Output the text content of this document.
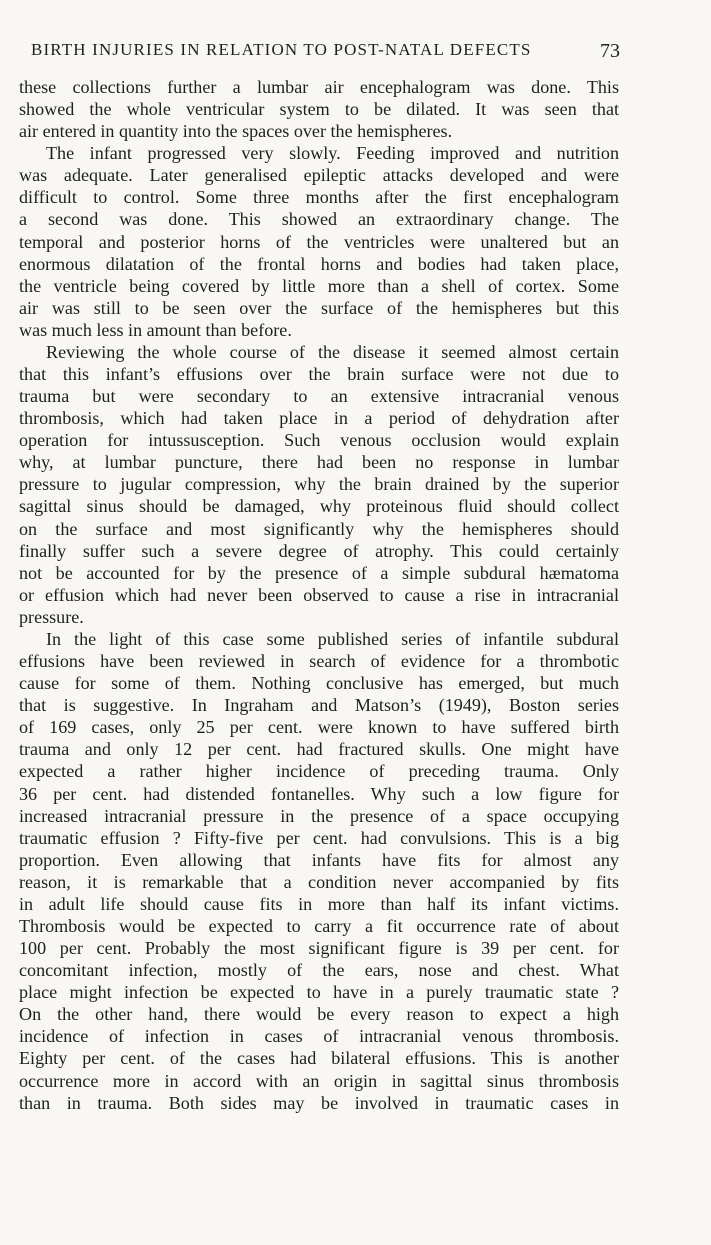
BIRTH INJURIES IN RELATION TO POST-NATAL DEFECTS	73
these collections further a lumbar air encephalogram was done. This
showed the whole ventricular system to be dilated. It was seen that
air entered in quantity into the spaces over the hemispheres.
The infant progressed very slowly. Feeding improved and nutrition
was adequate. Later generalised epileptic attacks developed and were
difficult to control. Some three months after the first encephalogram
a second was done. This showed an extraordinary change. The
temporal and posterior horns of the ventricles were unaltered but an
enormous dilatation of the frontal horns and bodies had taken place,
the ventricle being covered by little more than a shell of cortex. Some
air was still to be seen over the surface of the hemispheres but this
was much less in amount than before.
Reviewing the whole course of the disease it seemed almost certain
that this infant’s effusions over the brain surface were not due to
trauma but were secondary to an extensive intracranial venous
thrombosis, which had taken place in a period of dehydration after
operation for intussusception. Such venous occlusion would explain
why, at lumbar puncture, there had been no response in lumbar
pressure to jugular compression, why the brain drained by the superior
sagittal sinus should be damaged, why proteinous fluid should collect
on the surface and most significantly why the hemispheres should
finally suffer such a severe degree of atrophy. This could certainly
not be accounted for by the presence of a simple subdural hæmatoma
or effusion which had never been observed to cause a rise in intracranial
pressure.
In the light of this case some published series of infantile subdural
effusions have been reviewed in search of evidence for a thrombotic
cause for some of them. Nothing conclusive has emerged, but much
that is suggestive. In Ingraham and Matson’s (1949), Boston series
of 169 cases, only 25 per cent. were known to have suffered birth
trauma and only 12 per cent. had fractured skulls. One might have
expected a rather higher incidence of preceding trauma. Only
36 per cent. had distended fontanelles. Why such a low figure for
increased intracranial pressure in the presence of a space occupying
traumatic effusion ? Fifty-five per cent. had convulsions. This is a big
proportion. Even allowing that infants have fits for almost any
reason, it is remarkable that a condition never accompanied by fits
in adult life should cause fits in more than half its infant victims.
Thrombosis would be expected to carry a fit occurrence rate of about
100 per cent. Probably the most significant figure is 39 per cent. for
concomitant infection, mostly of the ears, nose and chest. What
place might infection be expected to have in a purely traumatic state ?
On the other hand, there would be every reason to expect a high
incidence of infection in cases of intracranial venous thrombosis.
Eighty per cent. of the cases had bilateral effusions. This is another
occurrence more in accord with an origin in sagittal sinus thrombosis
than in trauma. Both sides may be involved in traumatic cases in
